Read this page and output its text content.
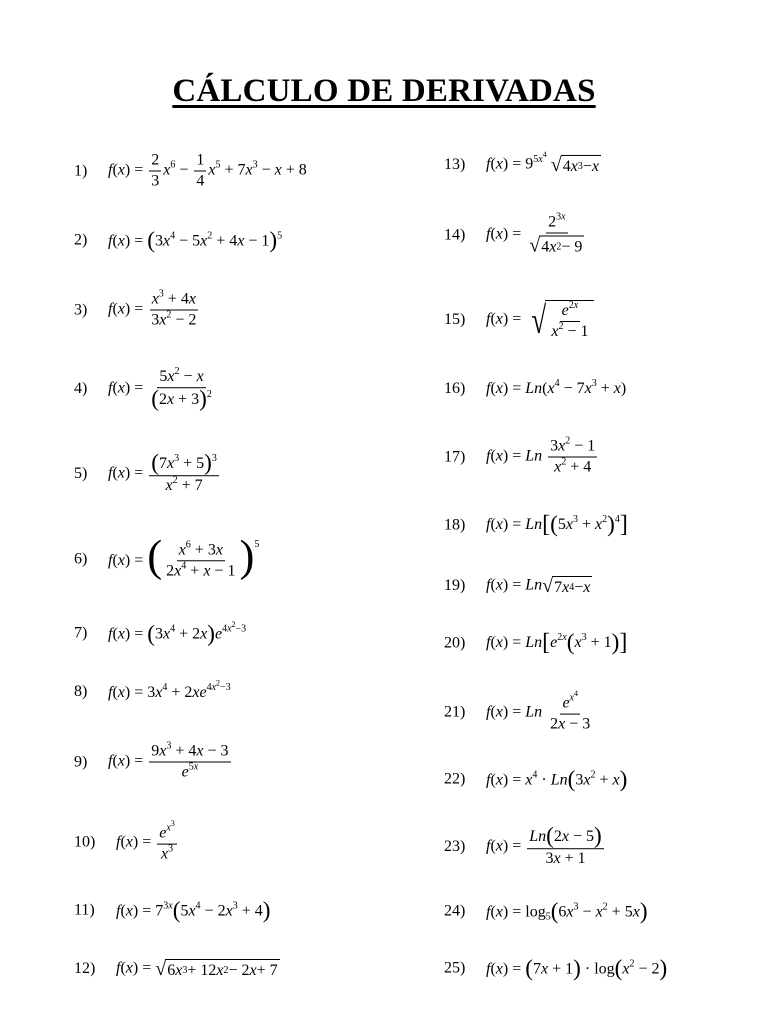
CÁLCULO DE DERIVADAS
1)	$f(x) = \frac{2}{3} x^6 - \frac{1}{4} x^5 + 7x^3 - x + 8$
2)	$f(x) = (3x^4 - 5x^2 + 4x - 1)^5$
3)	$f(x) = \frac{x^3 + 4x}{3x^2 - 2}$
4)	$f(x) = \frac{5x^2 - x}{(2x + 3)^2}$
5)	$f(x) = \frac{(7x^3 + 5)^3}{x^2 + 7}$
6)	f(x) = ( $\frac{x^6 + 3x}{2x^4 + x - 1} )^5$
7)	$f(x) = (3x^4 + 2x)e^{4x^2-3}$
8)	$f(x) = 3x^4 + 2xe^{4x^2-3}$
9)	$f(x) = \frac{9x^3 + 4x - 3}{e^{5x}}$
10)	$f(x) = \frac{e^{x^3}}{x^3}$
11)	$f(x) = 7^{3x}(5x^4 - 2x^3 + 4)$
12)	f(x) = √ 6 x 3 + 12 x 2 − 2 x + 7
13)	$f(x) = 9^{5x^4}$ √ 4 x 3 − x
14)	$f(x) = \frac{2^{3x}}{√ 4 x 2 - 9}$
15)	f(x) = √ $e^{2x}$
$x^2 - 1$
16)	$f(x) = Ln(x^4 - 7x^3 + x)$
17)	f(x) = Ln $\frac{3x^2 - 1}{x^2 + 4}$
18)	$f(x) = Ln[(5x^3 + x^2)^4]$
19)	f(x) = Ln √ 7 x 4 − x
20)	$f(x) = Ln[e^{2x}(x^3 + 1)]$
21)	f(x) = Ln $\frac{e^{x^4}}{2x - 3}$
22)	$f(x) = x^4 \cdot Ln(3x^2 + x)$
23)	$f(x) = \frac{Ln(2x - 5)}{3x + 1}$
24)	$f(x) = \log_5(6x^3 - x^2 + 5x)$
25)	$f(x) = (7x + 1) \cdot \log(x^2 - 2)$
